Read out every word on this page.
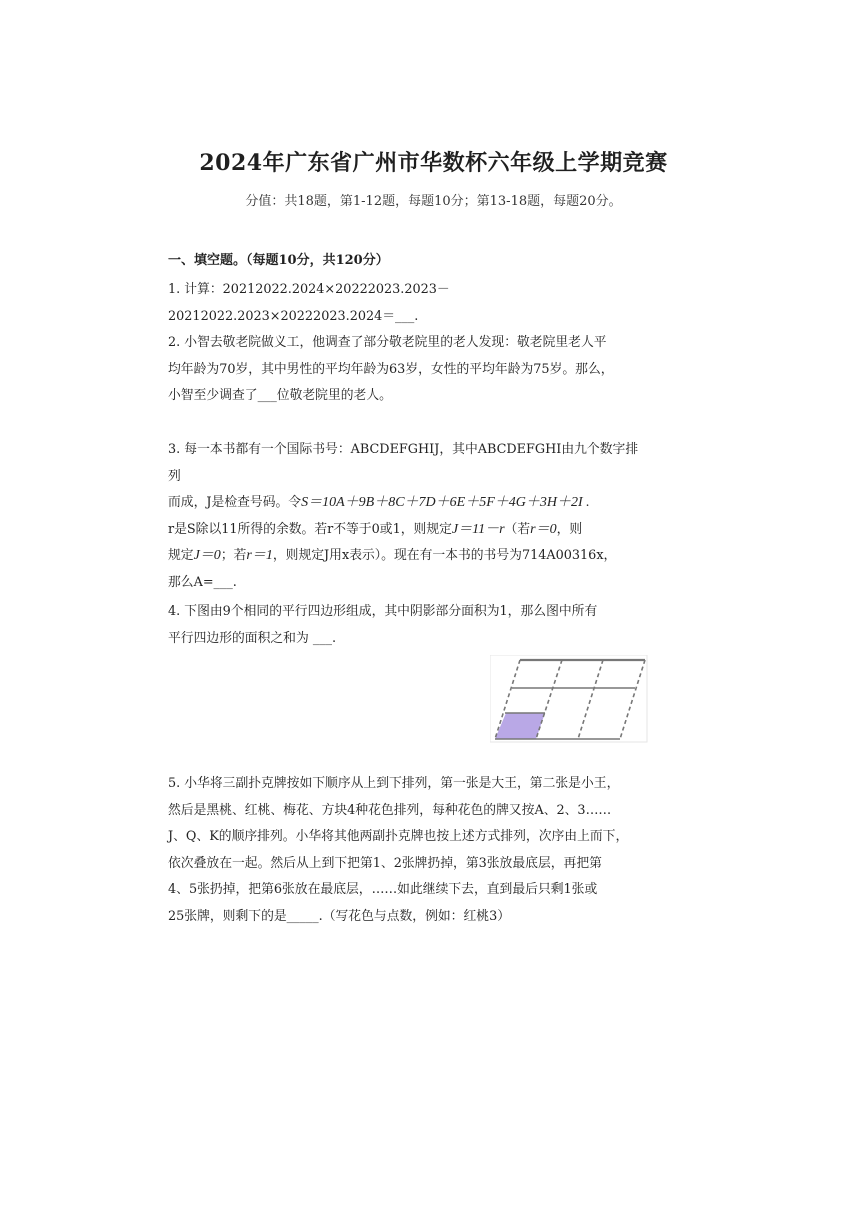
2024年广东省广州市华数杯六年级上学期竞赛
分值：共18题，第1-12题，每题10分；第13-18题，每题20分。
一、填空题。（每题10分，共120分）

1. 计算：20212022.2024×20222023.2023－20212022.2023×20222023.2024＝___.

2. 小智去敬老院做义工，他调查了部分敬老院里的老人发现：敬老院里老人平

均年龄为70岁，其中男性的平均年龄为63岁，女性的平均年龄为75岁。那么，

小智至少调查了___位敬老院里的老人。

3. 每一本书都有一个国际书号：ABCDEFGHIJ，其中ABCDEFGHI由九个数字排列

而成，J是检查号码。令S＝10A＋9B＋8C＋7D＋6E＋5F＋4G＋3H＋2I .

r是S除以11所得的余数。若r不等于0或1，则规定J＝11－r（若r＝0，则

规定J＝0；若r＝1，则规定J用x表示）。现在有一本书的书号为714A00316x，

那么A=___.

4. 下图由9个相同的平行四边形组成，其中阴影部分面积为1，那么图中所有

平行四边形的面积之和为 ___.

5. 小华将三副扑克牌按如下顺序从上到下排列，第一张是大王，第二张是小王，

然后是黑桃、红桃、梅花、方块4种花色排列，每种花色的牌又按A、2、3……

J、Q、K的顺序排列。小华将其他两副扑克牌也按上述方式排列，次序由上而下，

依次叠放在一起。然后从上到下把第1、2张牌扔掉，第3张放最底层，再把第

4、5张扔掉，把第6张放在最底层，……如此继续下去，直到最后只剩1张或

25张牌，则剩下的是_____.（写花色与点数，例如：红桃3）
